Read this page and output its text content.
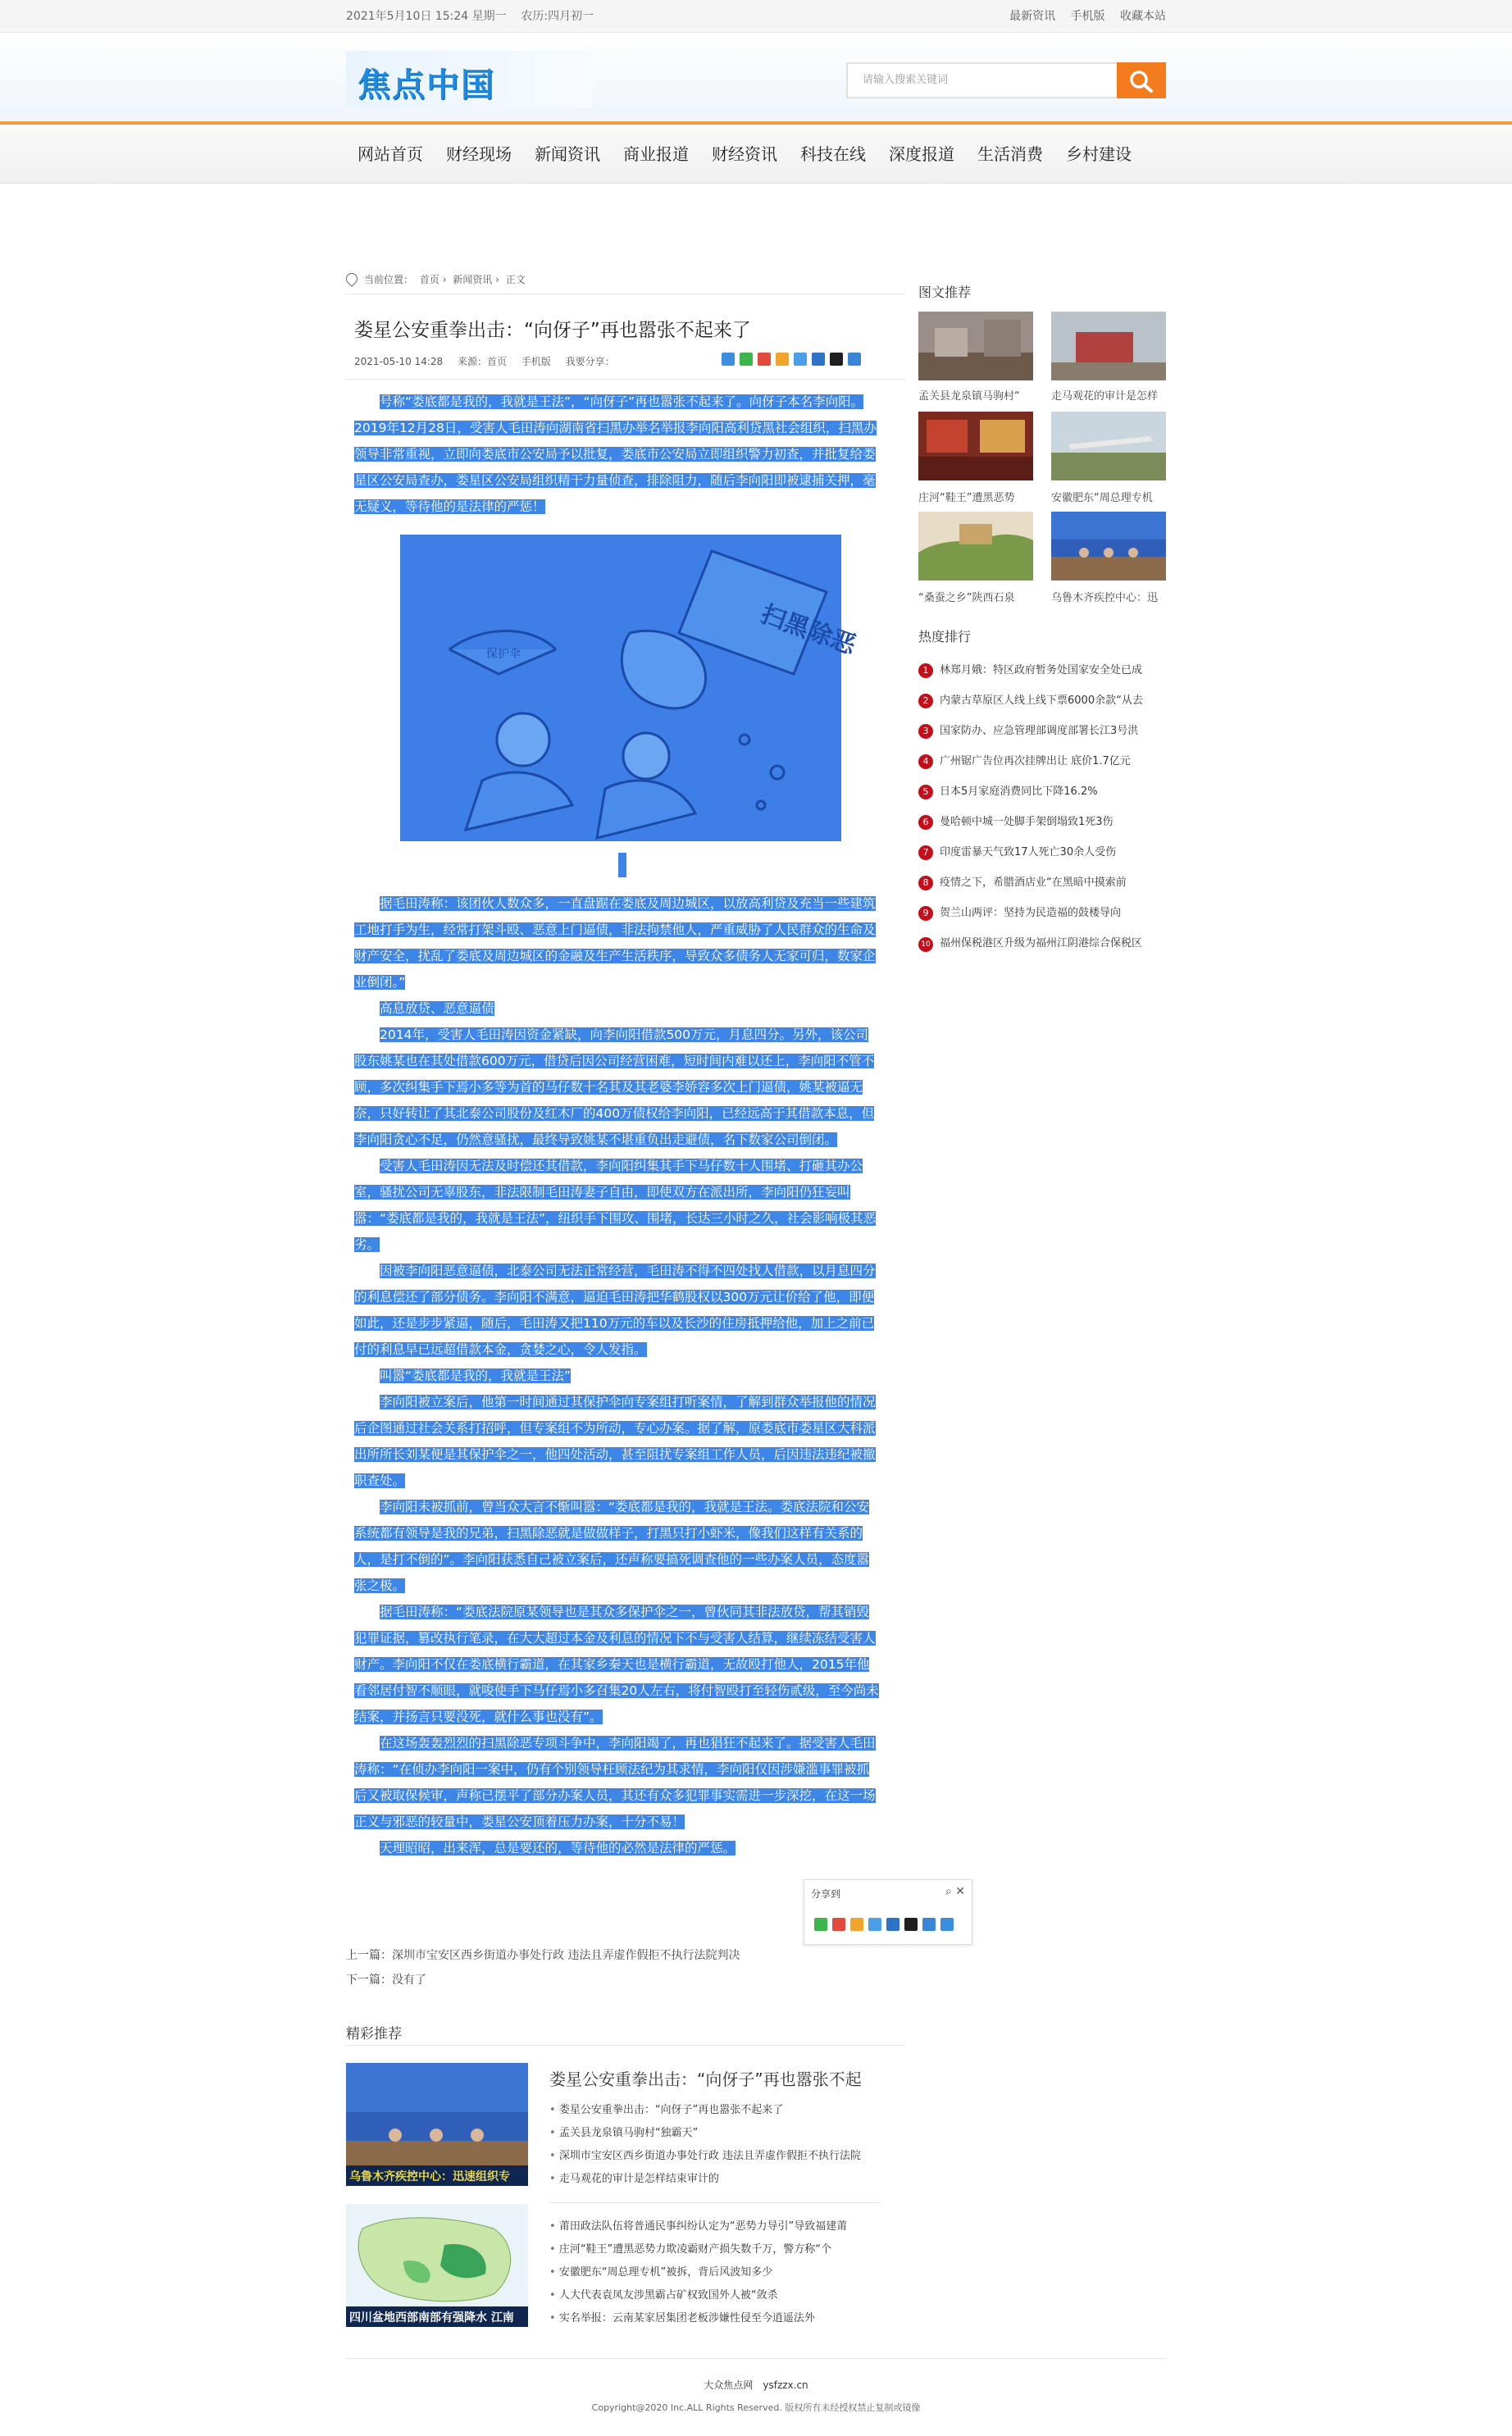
2021年5月10日 15:24 星期一 农历:四月初一	最新资讯 手机版 收藏本站
焦点中国	请输入搜索关键词
网站首页 财经现场 新闻资讯 商业报道 财经资讯 科技在线 深度报道 生活消费 乡村建设
当前位置： 首页 › 新闻资讯 › 正文
娄星公安重拳出击：“向伢子”再也嚣张不起来了
2021-05-10 14:28 来源：首页 手机版 我要分享：

号称“娄底都是我的，我就是王法”，“向伢子”再也嚣张不起来了。向伢子本名李向阳。2019年12月28日，受害人毛田涛向湖南省扫黑办举名举报李向阳高利贷黑社会组织，扫黑办领导非常重视，立即向娄底市公安局予以批复，娄底市公安局立即组织警力初查，并批复给娄星区公安局查办，娄星区公安局组织精干力量侦查，排除阻力，随后李向阳即被逮捕关押，毫无疑义，等待他的是法律的严惩！

扫黑除恶
保护伞

据毛田涛称：该团伙人数众多，一直盘踞在娄底及周边城区，以放高利贷及充当一些建筑工地打手为生，经常打架斗殴、恶意上门逼债，非法拘禁他人，严重威胁了人民群众的生命及财产安全，扰乱了娄底及周边城区的金融及生产生活秩序，导致众多债务人无家可归，数家企业倒闭。”

高息放贷、恶意逼债

2014年，受害人毛田涛因资金紧缺，向李向阳借款500万元，月息四分。另外，该公司股东姚某也在其处借款600万元，借贷后因公司经营困难，短时间内难以还上，李向阳不管不顾，多次纠集手下焉小多等为首的马仔数十名其及其老婆李娇容多次上门逼债，姚某被逼无奈，只好转让了其北泰公司股份及红木厂的400万债权给李向阳，已经远高于其借款本息，但李向阳贪心不足，仍然意骚扰，最终导致姚某不堪重负出走避债，名下数家公司倒闭。

受害人毛田涛因无法及时偿还其借款，李向阳纠集其手下马仔数十人围堵、打砸其办公室，骚扰公司无辜股东，非法限制毛田涛妻子自由，即使双方在派出所，李向阳仍狂妄叫嚣：“娄底都是我的，我就是王法”，纽织手下围攻、围堵，长达三小时之久，社会影响极其恶劣。

因被李向阳恶意逼债，北泰公司无法正常经营，毛田涛不得不四处找人借款，以月息四分的利息偿还了部分债务。李向阳不满意，逼迫毛田涛把华鹤股权以300万元让价给了他，即便如此，还是步步紧逼，随后，毛田涛又把110万元的车以及长沙的住房抵押给他，加上之前已付的利息早已远超借款本金，贪婪之心，令人发指。

叫嚣“娄底都是我的，我就是王法”

李向阳被立案后，他第一时间通过其保护伞向专案组打听案情，了解到群众举报他的情况后企图通过社会关系打招呼，但专案组不为所动，专心办案。据了解，原娄底市娄星区大科派出所所长刘某便是其保护伞之一，他四处活动，甚至阻扰专案组工作人员，后因违法违纪被撤职查处。

李向阳未被抓前，曾当众大言不惭叫嚣：“娄底都是我的，我就是王法。娄底法院和公安系统都有领导是我的兄弟，扫黑除恶就是做做样子，打黑只打小虾米，像我们这样有关系的人，是打不倒的”。李向阳获悉自己被立案后，还声称要搞死调查他的一些办案人员，态度嚣张之极。

据毛田涛称：“娄底法院原某领导也是其众多保护伞之一，曾伙同其非法放贷，帮其销毁犯罪证据，篡改执行笔录，在大大超过本金及利息的情况下不与受害人结算，继续冻结受害人财产。李向阳不仅在娄底横行霸道，在其家乡秦天也是横行霸道，无故殴打他人，2015年他看邻居付智不顺眼，就唆使手下马仔焉小多召集20人左右，将付智殴打至轻伤贰级，至今尚未结案，并扬言只要没死，就什么事也没有”。

在这场轰轰烈烈的扫黑除恶专项斗争中，李向阳竭了，再也猖狂不起来了。据受害人毛田涛称：“在侦办李向阳一案中，仍有个别领导枉顾法纪为其求情，李向阳仅因涉嫌滥事罪被抓后又被取保候审，声称已摆平了部分办案人员，其还有众多犯罪事实需进一步深挖，在这一场正义与邪恶的较量中，娄星公安顶着压力办案，十分不易！

天理昭昭，出来浑，总是要还的，等待他的必然是法律的严惩。

分享到	⌕ ✕
上一篇：深圳市宝安区西乡街道办事处行政 违法且弄虚作假拒不执行法院判决
下一篇：没有了
精彩推荐
乌鲁木齐疾控中心：迅速组织专
四川盆地西部南部有强降水 江南
娄星公安重拳出击：“向伢子”再也嚣张不起
• 娄星公安重拳出击：“向伢子”再也嚣张不起来了
• 孟关县龙泉镇马驹村“独霸天”
• 深圳市宝安区西乡街道办事处行政 违法且弄虚作假拒不执行法院
• 走马观花的审计是怎样结束审计的
• 莆田政法队伍将普通民事纠纷认定为“恶势力导引”导致福建莆
• 庄河“鞋王”遭黑恶势力欺凌霸财产损失数千万，警方称“个
• 安徽肥东“周总理专机”被拆，背后风波知多少
• 人大代表袁凤友涉黑霸占矿权致国外人被“敛杀
• 实名举报：云南某家居集团老板涉嫌性侵至今逍遥法外
图文推荐
孟关县龙泉镇马驹村“	走马观花的审计是怎样
庄河“鞋王”遭黑恶势	安徽肥东“周总理专机
“桑蚕之乡”陕西石泉	乌鲁木齐疾控中心：迅
热度排行
1 林郑月娥：特区政府暂务处国家安全处已成
2 内蒙古草原区人线上线下票6000余款“从去
3 国家防办、应急管理部调度部署长江3号洪
4 广州锯广告位再次挂牌出让 底价1.7亿元
5 日本5月家庭消费同比下降16.2%
6 曼哈顿中城一处脚手架倒塌致1死3伤
7 印度雷暴天气致17人死亡30余人受伤
8 疫情之下，希腊酒店业“在黑暗中摸索前
9 贺兰山两评：坚持为民造福的鼓楼导向
10 福州保税港区升级为福州江阴港综合保税区
大众焦点网 ysfzzx.cn
Copyright@2020 Inc.ALL Rights Reserved. 版权所有未经授权禁止复制或镜像
